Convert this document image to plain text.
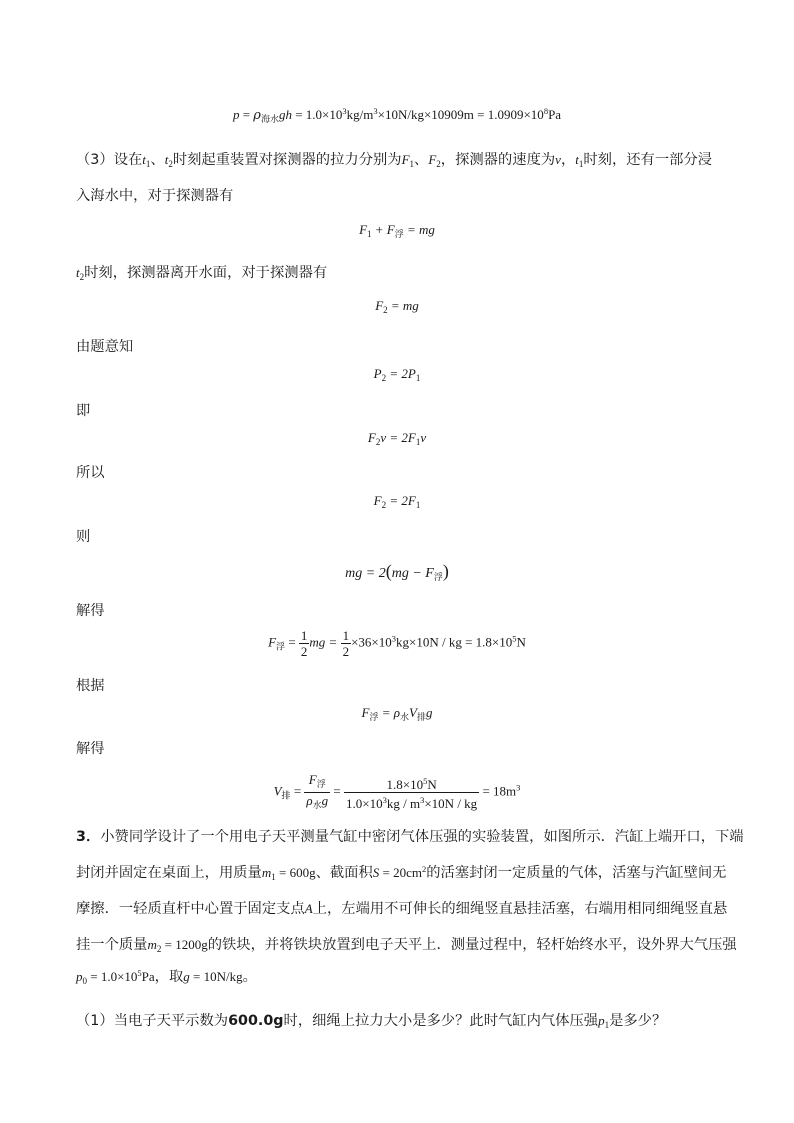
$p = \rho_{海水}gh = 1.0\times 10^3kg/m^3\times 10N/kg\times 10909m = 1.0909\times 10^8Pa$
（3）设在$t_1$、$t_2$时刻起重装置对探测器的拉力分别为$F_1$、$F_2$，探测器的速度为v，$t_1$时刻，还有一部分浸
入海水中，对于探测器有
$F_1 + F_浮$ = mg
$t_2$时刻，探测器离开水面，对于探测器有
$F_2$ = mg
由题意知
$P_2 = 2P_1$
即
$F_2v = 2F_1v$
所以
$F_2 = 2F_1$
则
mg = $2(mg - F_浮)$
解得
$F_浮 = \frac{1}{2}$ mg = $\frac{1}{2} \times 36\times 10^3kg\times 10N$ / kg = $1.8\times 10^5N$
根据
$F_浮 = \rho_水V_排g$
解得
$V_排 = \frac{F_浮}{\rho_水g} = \frac{1.8\times 10^5N}{1.0\times 10^3kg / m^3\times 10N / kg} = 18m^3$
3．小赞同学设计了一个用电子天平测量气缸中密闭气体压强的实验装置，如图所示．汽缸上端开口，下端
封闭并固定在桌面上，用质量$m_1 = 600g$、截面积$S = 20cm^2$的活塞封闭一定质量的气体，活塞与汽缸壁间无
摩擦．一轻质直杆中心置于固定支点A上，左端用不可伸长的细绳竖直悬挂活塞，右端用相同细绳竖直悬
挂一个质量$m_2 = 1200g$的铁块，并将铁块放置到电子天平上．测量过程中，轻杆始终水平，设外界大气压强
$p_0 = 1.0\times 10^5Pa$，取g = 10N/kg。
（1）当电子天平示数为600.0g时，细绳上拉力大小是多少？此时气缸内气体压强$p_1$是多少？
